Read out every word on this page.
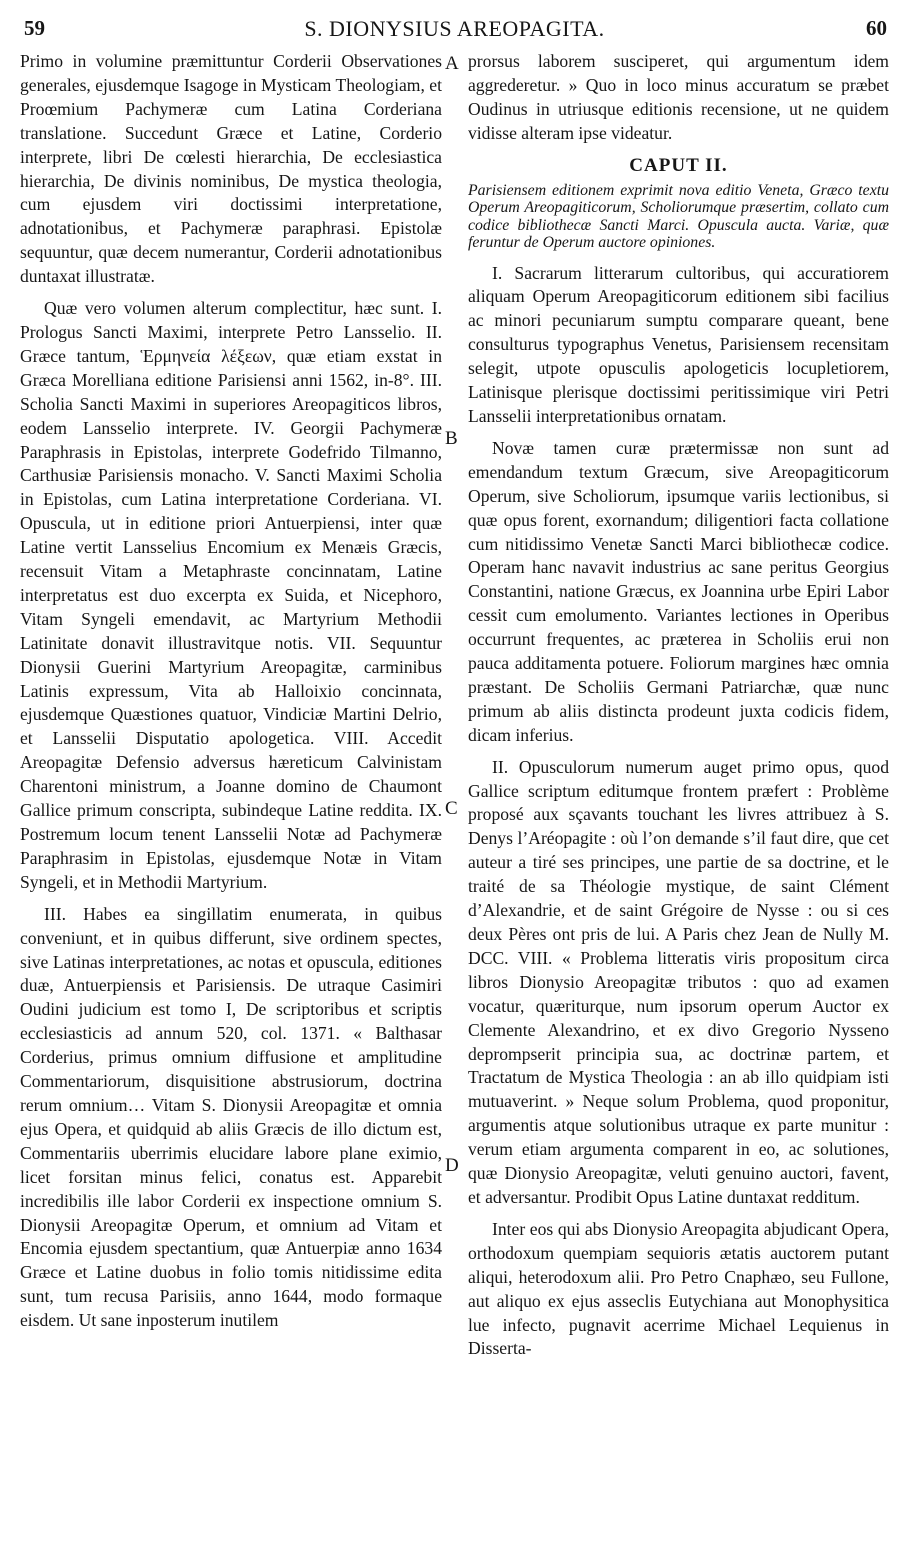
59	S. DIONYSIUS AREOPAGITA.	60
A
B
C
D

Primo in volumine præmittuntur Corderii Observationes generales, ejusdemque Isagoge in Mysticam Theologiam, et Proœmium Pachymeræ cum Latina Corderiana translatione. Succedunt Græce et Latine, Corderio interprete, libri De cœlesti hierarchia, De ecclesiastica hierarchia, De divinis nominibus, De mystica theologia, cum ejusdem viri doctissimi interpretatione, adnotationibus, et Pachymeræ paraphrasi. Epistolæ sequuntur, quæ decem numerantur, Corderii adnotationibus duntaxat illustratæ.

Quæ vero volumen alterum complectitur, hæc sunt. I. Prologus Sancti Maximi, interprete Petro Lansselio. II. Græce tantum, Ἑρμηνεία λέξεων, quæ etiam exstat in Græca Morelliana editione Parisiensi anni 1562, in-8°. III. Scholia Sancti Maximi in superiores Areopagiticos libros, eodem Lansselio interprete. IV. Georgii Pachymeræ Paraphrasis in Epistolas, interprete Godefrido Tilmanno, Carthusiæ Parisiensis monacho. V. Sancti Maximi Scholia in Epistolas, cum Latina interpretatione Corderiana. VI. Opuscula, ut in editione priori Antuerpiensi, inter quæ Latine vertit Lansselius Encomium ex Menæis Græcis, recensuit Vitam a Metaphraste concinnatam, Latine interpretatus est duo excerpta ex Suida, et Nicephoro, Vitam Syngeli emendavit, ac Martyrium Methodii Latinitate donavit illustravitque notis. VII. Sequuntur Dionysii Guerini Martyrium Areopagitæ, carminibus Latinis expressum, Vita ab Halloixio concinnata, ejusdemque Quæstiones quatuor, Vindiciæ Martini Delrio, et Lansselii Disputatio apologetica. VIII. Accedit Areopagitæ Defensio adversus hæreticum Calvinistam Charentoni ministrum, a Joanne domino de Chaumont Gallice primum conscripta, subindeque Latine reddita. IX. Postremum locum tenent Lansselii Notæ ad Pachymeræ Paraphrasim in Epistolas, ejusdemque Notæ in Vitam Syngeli, et in Methodii Martyrium.

III. Habes ea singillatim enumerata, in quibus conveniunt, et in quibus differunt, sive ordinem spectes, sive Latinas interpretationes, ac notas et opuscula, editiones duæ, Antuerpiensis et Parisiensis. De utraque Casimiri Oudini judicium est tomo I, De scriptoribus et scriptis ecclesiasticis ad annum 520, col. 1371. « Balthasar Corderius, primus omnium diffusione et amplitudine Commentariorum, disquisitione abstrusiorum, doctrina rerum omnium… Vitam S. Dionysii Areopagitæ et omnia ejus Opera, et quidquid ab aliis Græcis de illo dictum est, Commentariis uberrimis elucidare labore plane eximio, licet forsitan minus felici, conatus est. Apparebit incredibilis ille labor Corderii ex inspectione omnium S. Dionysii Areopagitæ Operum, et omnium ad Vitam et Encomia ejusdem spectantium, quæ Antuerpiæ anno 1634 Græce et Latine duobus in folio tomis nitidissime edita sunt, tum recusa Parisiis, anno 1644, modo formaque eisdem. Ut sane inposterum inutilem

prorsus laborem susciperet, qui argumentum idem aggrederetur. » Quo in loco minus accuratum se præbet Oudinus in utriusque editionis recensione, ut ne quidem vidisse alteram ipse videatur.

CAPUT II.
Parisiensem editionem exprimit nova editio Veneta, Græco textu Operum Areopagiticorum, Scholiorumque præsertim, collato cum codice bibliothecæ Sancti Marci. Opuscula aucta. Variæ, quæ feruntur de Operum auctore opiniones.

I. Sacrarum litterarum cultoribus, qui accuratiorem aliquam Operum Areopagiticorum editionem sibi facilius ac minori pecuniarum sumptu comparare queant, bene consulturus typographus Venetus, Parisiensem recensitam selegit, utpote opusculis apologeticis locupletiorem, Latinisque plerisque doctissimi peritissimique viri Petri Lansselii interpretationibus ornatam.

Novæ tamen curæ prætermissæ non sunt ad emendandum textum Græcum, sive Areopagiticorum Operum, sive Scholiorum, ipsumque variis lectionibus, si quæ opus forent, exornandum; diligentiori facta collatione cum nitidissimo Venetæ Sancti Marci bibliothecæ codice. Operam hanc navavit industrius ac sane peritus Georgius Constantini, natione Græcus, ex Joannina urbe Epiri Labor cessit cum emolumento. Variantes lectiones in Operibus occurrunt frequentes, ac præterea in Scholiis erui non pauca additamenta potuere. Foliorum margines hæc omnia præstant. De Scholiis Germani Patriarchæ, quæ nunc primum ab aliis distincta prodeunt juxta codicis fidem, dicam inferius.

II. Opusculorum numerum auget primo opus, quod Gallice scriptum editumque frontem præfert : Problème proposé aux sçavants touchant les livres attribuez à S. Denys l’Aréopagite : où l’on demande s’il faut dire, que cet auteur a tiré ses principes, une partie de sa doctrine, et le traité de sa Théologie mystique, de saint Clément d’Alexandrie, et de saint Grégoire de Nysse : ou si ces deux Pères ont pris de lui. A Paris chez Jean de Nully M. DCC. VIII. « Problema litteratis viris propositum circa libros Dionysio Areopagitæ tributos : quo ad examen vocatur, quæriturque, num ipsorum operum Auctor ex Clemente Alexandrino, et ex divo Gregorio Nysseno deprompserit principia sua, ac doctrinæ partem, et Tractatum de Mystica Theologia : an ab illo quidpiam isti mutuaverint. » Neque solum Problema, quod proponitur, argumentis atque solutionibus utraque ex parte munitur : verum etiam argumenta comparent in eo, ac solutiones, quæ Dionysio Areopagitæ, veluti genuino auctori, favent, et adversantur. Prodibit Opus Latine duntaxat redditum.

Inter eos qui abs Dionysio Areopagita abjudicant Opera, orthodoxum quempiam sequioris ætatis auctorem putant aliqui, heterodoxum alii. Pro Petro Cnaphæo, seu Fullone, aut aliquo ex ejus asseclis Eutychiana aut Monophysitica lue infecto, pugnavit acerrime Michael Lequienus in Disserta-
